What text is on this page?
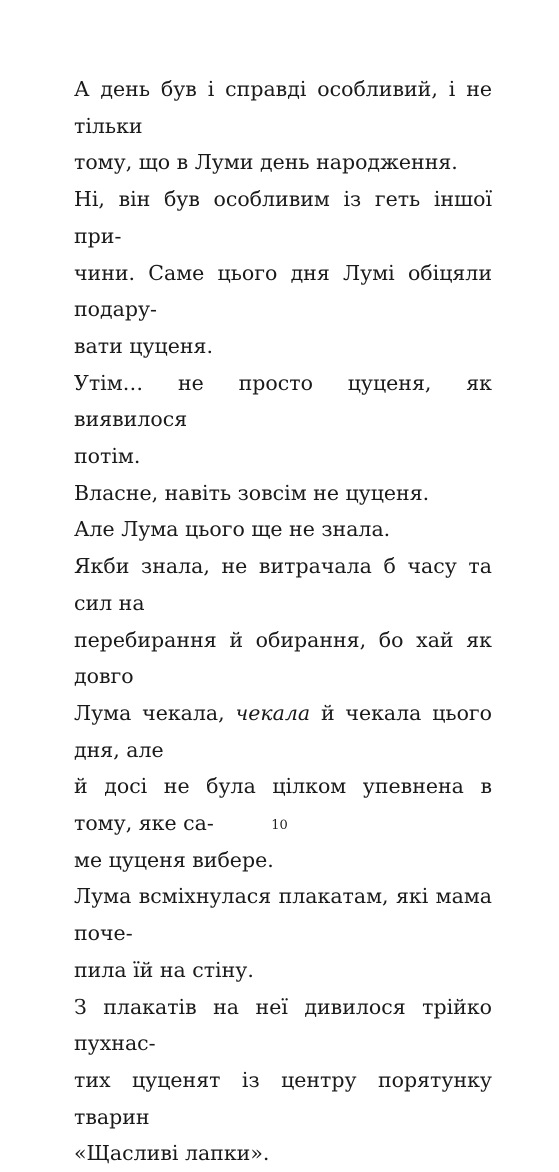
А день був і справді особливий, і не тільки
тому, що в Луми день народження.

Ні, він був особливим із геть іншої при-
чини. Саме цього дня Лумі обіцяли подару-
вати цуценя.

Утім… не просто цуценя, як виявилося
потім.

Власне, навіть зовсім не цуценя.

Але Лума цього ще не знала.

Якби знала, не витрачала б часу та сил на
перебирання й обирання, бо хай як довго
Лума чекала, чекала й чекала цього дня, але
й досі не була цілком упевнена в тому, яке са-
ме цуценя вибере.

Лума всміхнулася плакатам, які мама поче-
пила їй на стіну.

З плакатів на неї дивилося трійко пухнас-
тих цуценят із центру порятунку тварин
«Щасливі лапки».

10
